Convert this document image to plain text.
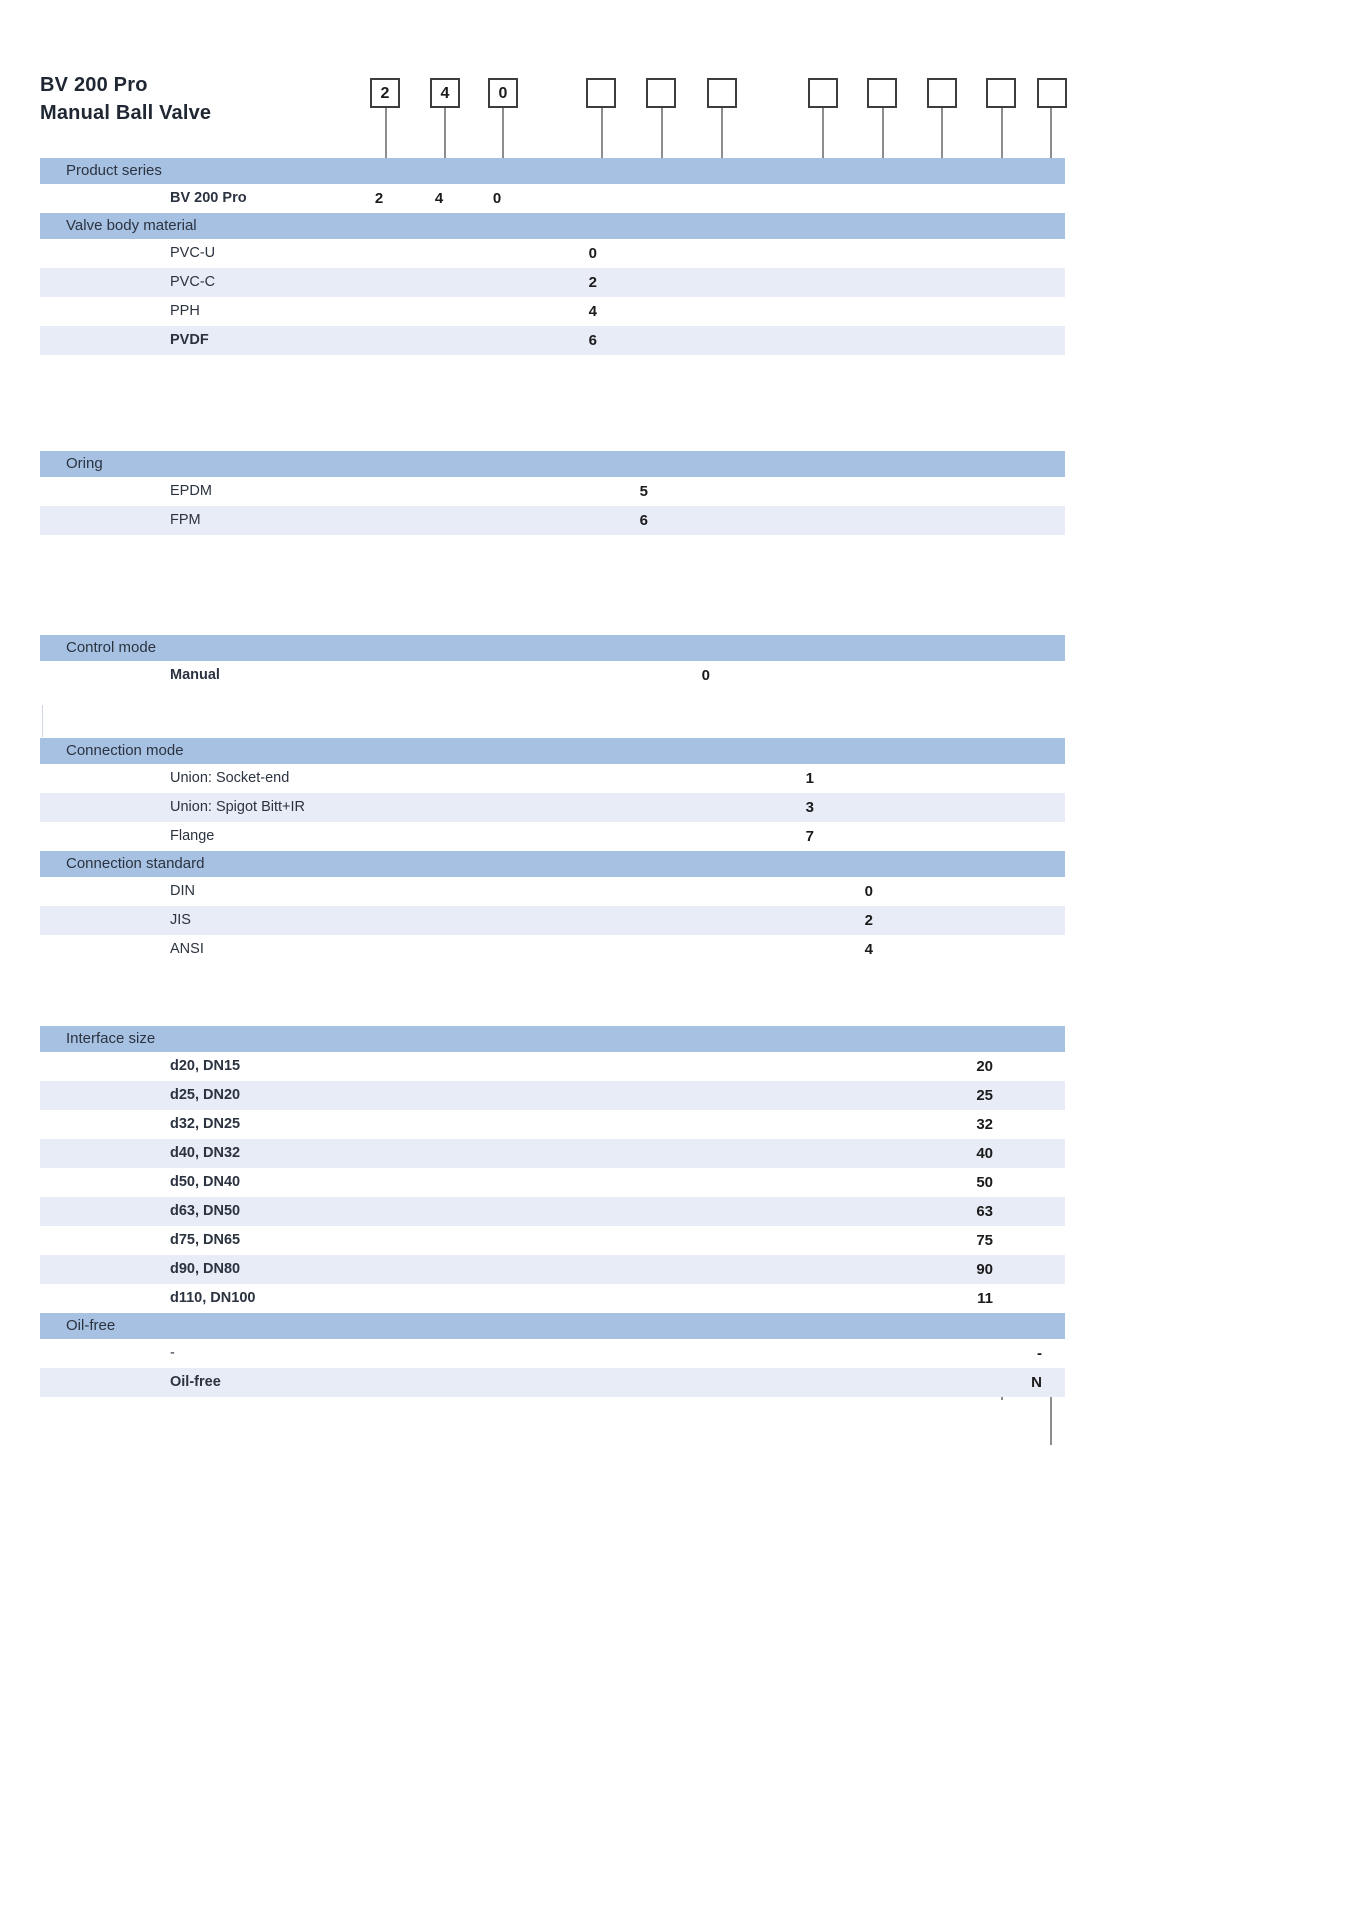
BV 200 Pro
Manual Ball Valve
2	4	0
Product series
BV 200 Pro	2	4	0
Valve body material
PVC-U	0
PVC-C	2
PPH	4
PVDF	6
Oring
EPDM	5
FPM	6
Control mode
Manual	0
Connection mode
Union: Socket-end	1
Union: Spigot Bitt+IR	3
Flange	7
Connection standard
DIN	0
JIS	2
ANSI	4
Interface size
d20, DN15	20
d25, DN20	25
d32, DN25	32
d40, DN32	40
d50, DN40	50
d63, DN50	63
d75, DN65	75
d90, DN80	90
d110, DN100	11
Oil-free
-	-
Oil-free	N
